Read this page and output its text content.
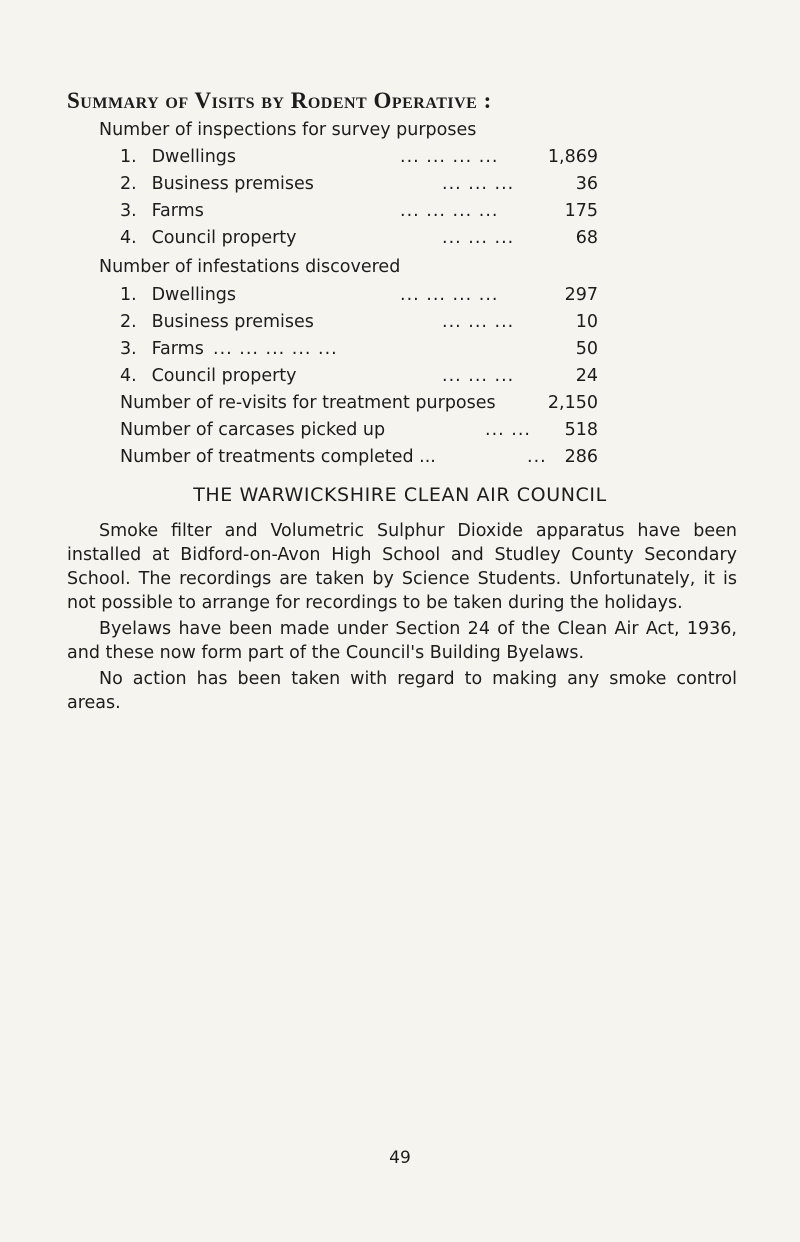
Summary of Visits by Rodent Operative :
Number of inspections for survey purposes
1. Dwellings	... ... ... ...	1,869
2. Business premises	... ... ...	36
3. Farms	... ... ... ...	175
4. Council property	... ... ...	68
Number of infestations discovered
1. Dwellings	... ... ... ...	297
2. Business premises	... ... ...	10
3. Farms ... ... ... ... ...	50
4. Council property	... ... ...	24
Number of re-visits for treatment purposes	2,150
Number of carcases picked up	... ...	518
Number of treatments completed ...	...	286
THE WARWICKSHIRE CLEAN AIR COUNCIL

Smoke filter and Volumetric Sulphur Dioxide apparatus have been installed at Bidford-on-Avon High School and Studley County Secondary School. The recordings are taken by Science Students. Unfortunately, it is not possible to arrange for recordings to be taken during the holidays.

Byelaws have been made under Section 24 of the Clean Air Act, 1936, and these now form part of the Council's Building Byelaws.

No action has been taken with regard to making any smoke control areas.

49
